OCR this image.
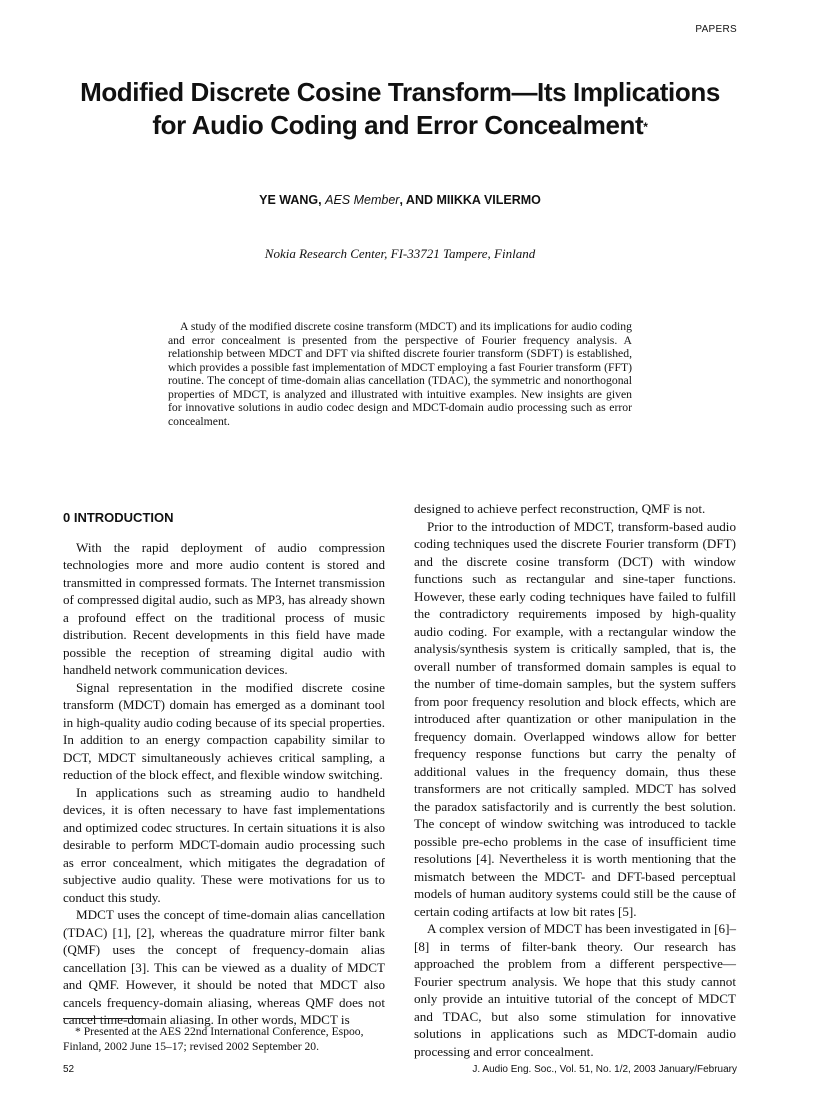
PAPERS
Modified Discrete Cosine Transform—Its Implications
for Audio Coding and Error Concealment*
YE WANG, AES Member, AND MIIKKA VILERMO
Nokia Research Center, FI-33721 Tampere, Finland
A study of the modified discrete cosine transform (MDCT) and its implications for audio coding and error concealment is presented from the perspective of Fourier frequency analysis. A relationship between MDCT and DFT via shifted discrete fourier transform (SDFT) is established, which provides a possible fast implementation of MDCT employing a fast Fourier transform (FFT) routine. The concept of time-domain alias cancellation (TDAC), the symmetric and nonorthogonal properties of MDCT, is analyzed and illustrated with intuitive examples. New insights are given for innovative solutions in audio codec design and MDCT-domain audio processing such as error concealment.
0 INTRODUCTION

With the rapid deployment of audio compression technologies more and more audio content is stored and transmitted in compressed formats. The Internet transmission of compressed digital audio, such as MP3, has already shown a profound effect on the traditional process of music distribution. Recent developments in this field have made possible the reception of streaming digital audio with handheld network communication devices.

Signal representation in the modified discrete cosine transform (MDCT) domain has emerged as a dominant tool in high-quality audio coding because of its special properties. In addition to an energy compaction capability similar to DCT, MDCT simultaneously achieves critical sampling, a reduction of the block effect, and flexible window switching.

In applications such as streaming audio to handheld devices, it is often necessary to have fast implementations and optimized codec structures. In certain situations it is also desirable to perform MDCT-domain audio processing such as error concealment, which mitigates the degradation of subjective audio quality. These were motivations for us to conduct this study.

MDCT uses the concept of time-domain alias cancellation (TDAC) [1], [2], whereas the quadrature mirror filter bank (QMF) uses the concept of frequency-domain alias cancellation [3]. This can be viewed as a duality of MDCT and QMF. However, it should be noted that MDCT also cancels frequency-domain aliasing, whereas QMF does not cancel time-domain aliasing. In other words, MDCT is

designed to achieve perfect reconstruction, QMF is not.

Prior to the introduction of MDCT, transform-based audio coding techniques used the discrete Fourier transform (DFT) and the discrete cosine transform (DCT) with window functions such as rectangular and sine-taper functions. However, these early coding techniques have failed to fulfill the contradictory requirements imposed by high-quality audio coding. For example, with a rectangular window the analysis/synthesis system is critically sampled, that is, the overall number of transformed domain samples is equal to the number of time-domain samples, but the system suffers from poor frequency resolution and block effects, which are introduced after quantization or other manipulation in the frequency domain. Overlapped windows allow for better frequency response functions but carry the penalty of additional values in the frequency domain, thus these transformers are not critically sampled. MDCT has solved the paradox satisfactorily and is currently the best solution. The concept of window switching was introduced to tackle possible pre-echo problems in the case of insufficient time resolutions [4]. Nevertheless it is worth mentioning that the mismatch between the MDCT- and DFT-based perceptual models of human auditory systems could still be the cause of certain coding artifacts at low bit rates [5].

A complex version of MDCT has been investigated in [6]–[8] in terms of filter-bank theory. Our research has approached the problem from a different perspective—Fourier spectrum analysis. We hope that this study cannot only provide an intuitive tutorial of the concept of MDCT and TDAC, but also some stimulation for innovative solutions in applications such as MDCT-domain audio processing and error concealment.

* Presented at the AES 22nd International Conference, Espoo, Finland, 2002 June 15–17; revised 2002 September 20.
52	J. Audio Eng. Soc., Vol. 51, No. 1/2, 2003 January/February
